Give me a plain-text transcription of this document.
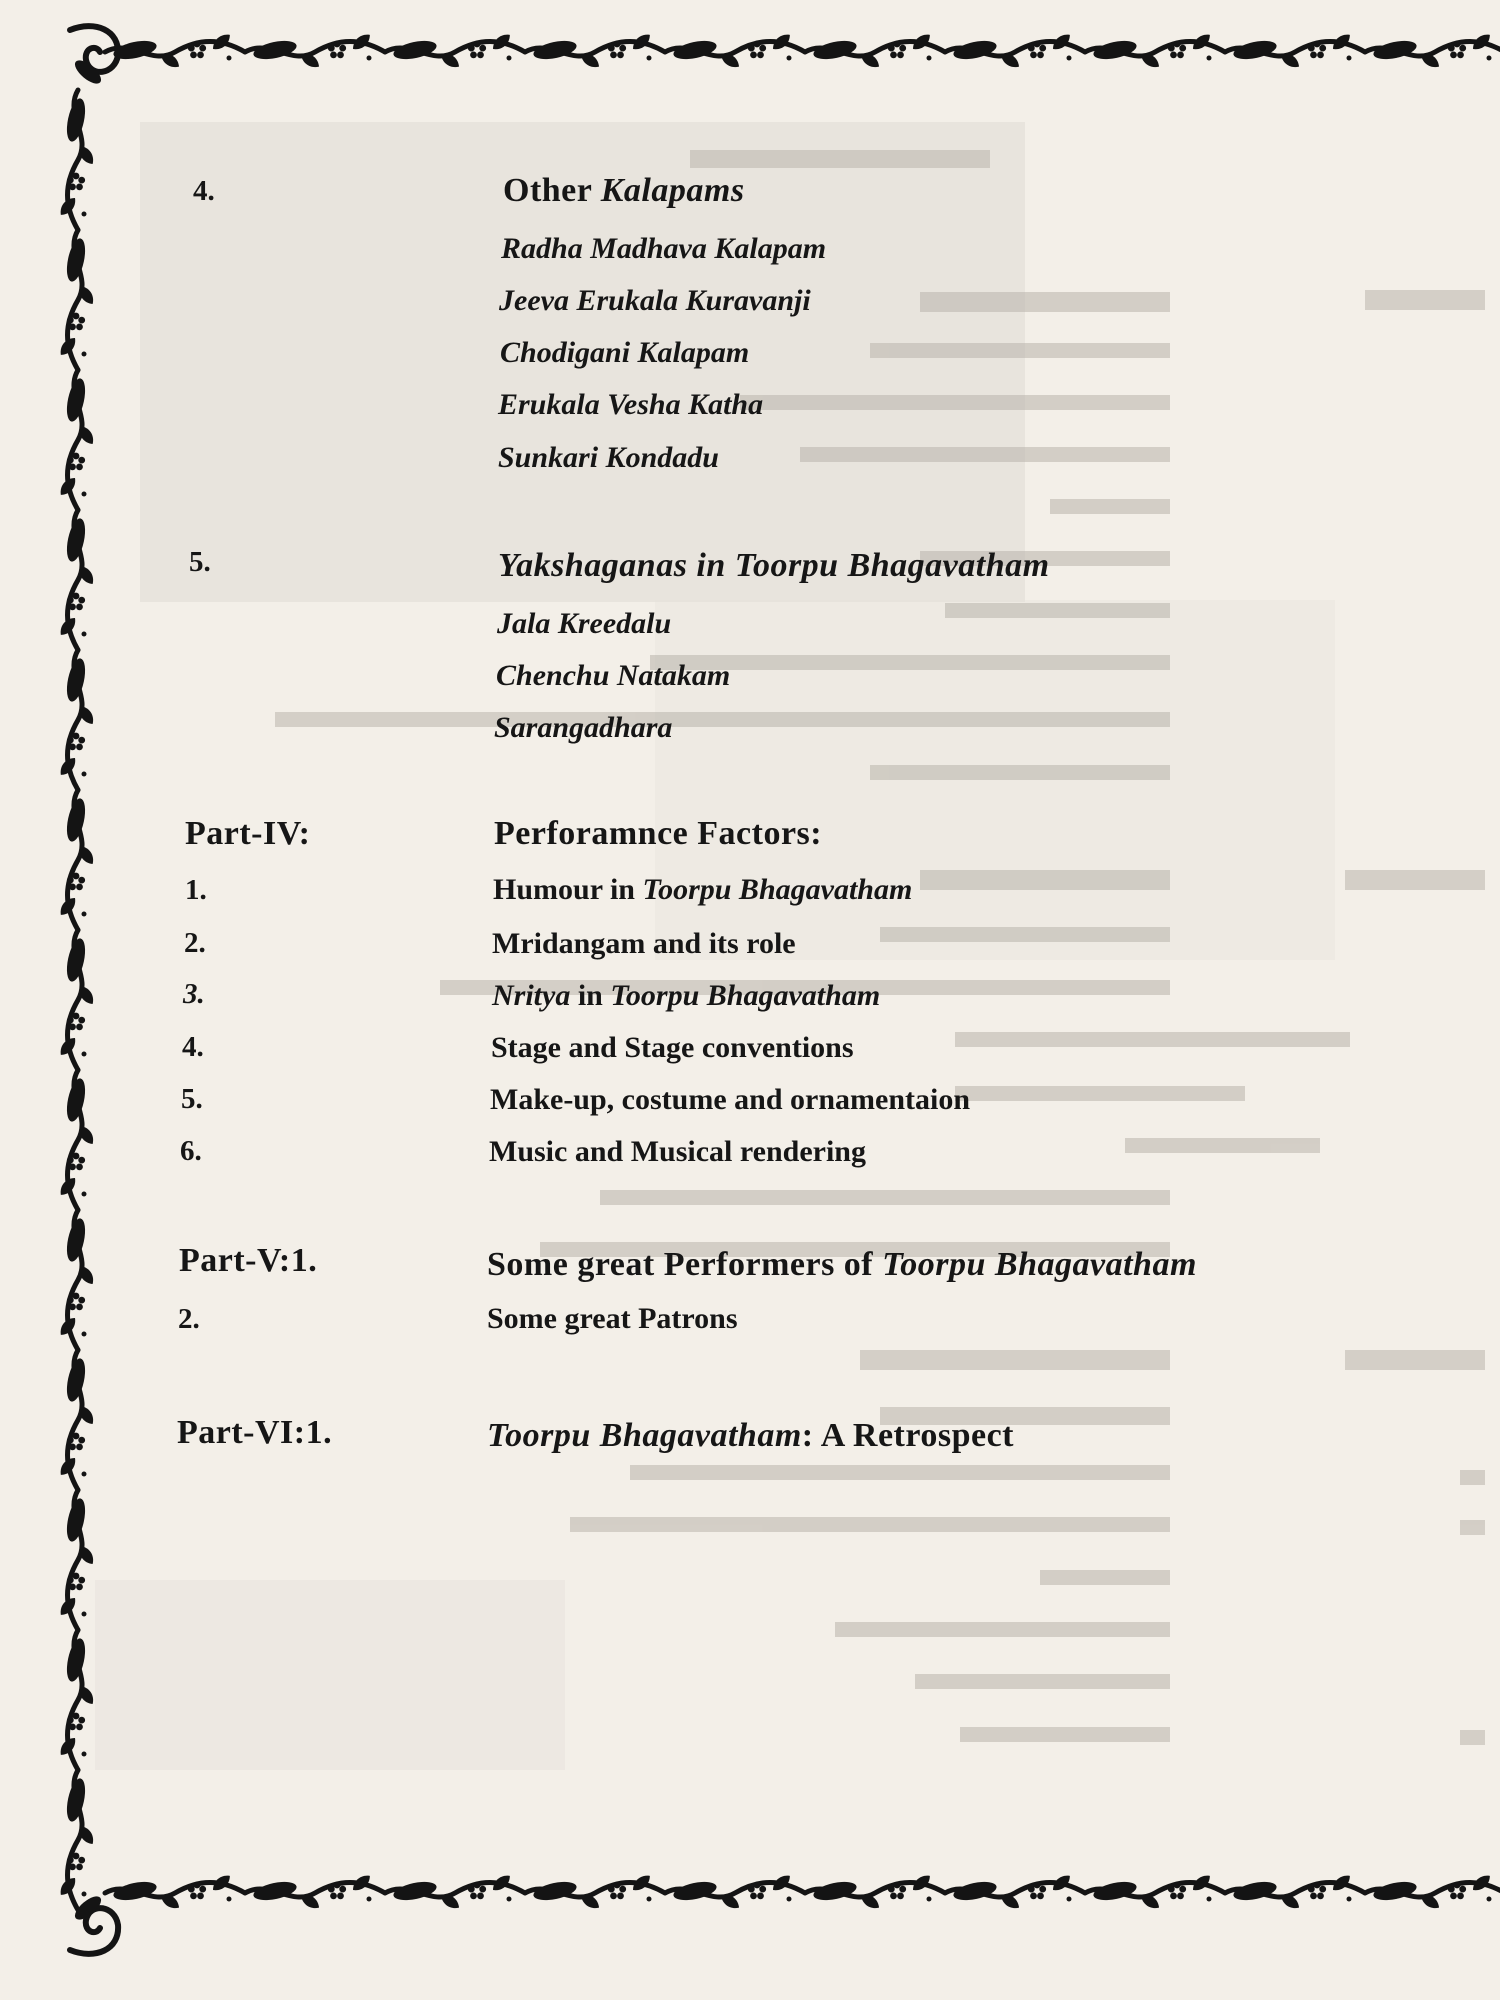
4.	Other Kalapams
Radha Madhava Kalapam
Jeeva Erukala Kuravanji
Chodigani Kalapam
Erukala Vesha Katha
Sunkari Kondadu
5.	Yakshaganas in Toorpu Bhagavatham
Jala Kreedalu
Chenchu Natakam
Sarangadhara
Part-IV:	Perforamnce Factors:
1.	Humour in Toorpu Bhagavatham
2.	Mridangam and its role
3.	Nritya in Toorpu Bhagavatham
4.	Stage and Stage conventions
5.	Make-up, costume and ornamentaion
6.	Music and Musical rendering
Part-V:1.	Some great Performers of Toorpu Bhagavatham
2.	Some great Patrons
Part-VI:1.	Toorpu Bhagavatham: A Retrospect
